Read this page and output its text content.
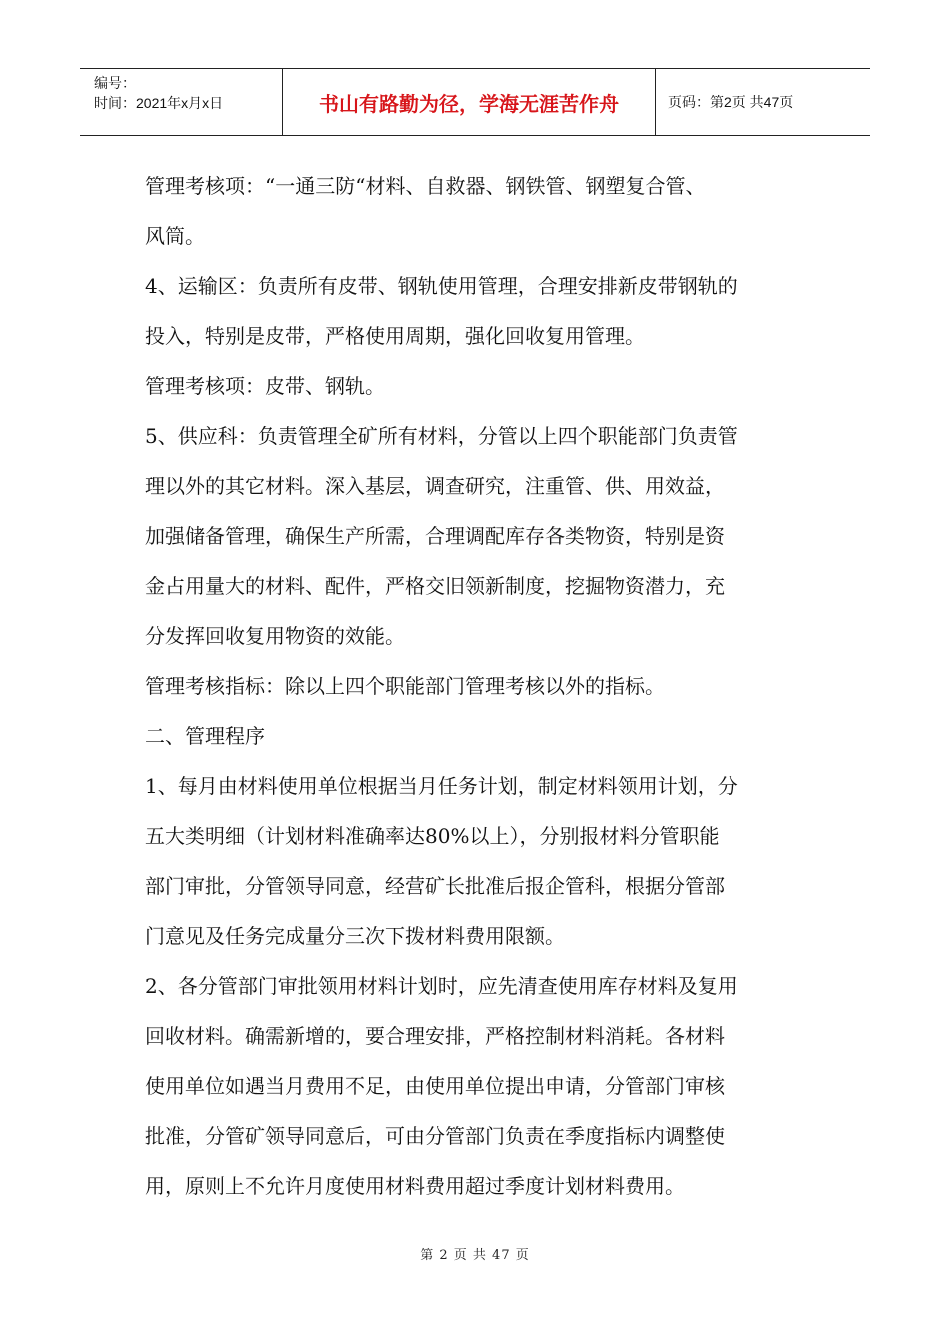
编号：
时间：2021年x月x日	书山有路勤为径，学海无涯苦作舟	页码：第2页 共47页

管理考核项：“一通三防“材料、自救器、钢铁管、钢塑复合管、

风筒。

4、运输区：负责所有皮带、钢轨使用管理，合理安排新皮带钢轨的

投入，特别是皮带，严格使用周期，强化回收复用管理。

管理考核项：皮带、钢轨。

5、供应科：负责管理全矿所有材料，分管以上四个职能部门负责管

理以外的其它材料。深入基层，调查研究，注重管、供、用效益，

加强储备管理，确保生产所需，合理调配库存各类物资，特别是资

金占用量大的材料、配件，严格交旧领新制度，挖掘物资潜力，充

分发挥回收复用物资的效能。

管理考核指标：除以上四个职能部门管理考核以外的指标。

二、管理程序

1、每月由材料使用单位根据当月任务计划，制定材料领用计划，分

五大类明细（计划材料准确率达80%以上），分别报材料分管职能

部门审批，分管领导同意，经营矿长批准后报企管科，根据分管部

门意见及任务完成量分三次下拨材料费用限额。

2、各分管部门审批领用材料计划时，应先清查使用库存材料及复用

回收材料。确需新增的，要合理安排，严格控制材料消耗。各材料

使用单位如遇当月费用不足，由使用单位提出申请，分管部门审核

批准，分管矿领导同意后，可由分管部门负责在季度指标内调整使

用，原则上不允许月度使用材料费用超过季度计划材料费用。

第 2 页 共 47 页
